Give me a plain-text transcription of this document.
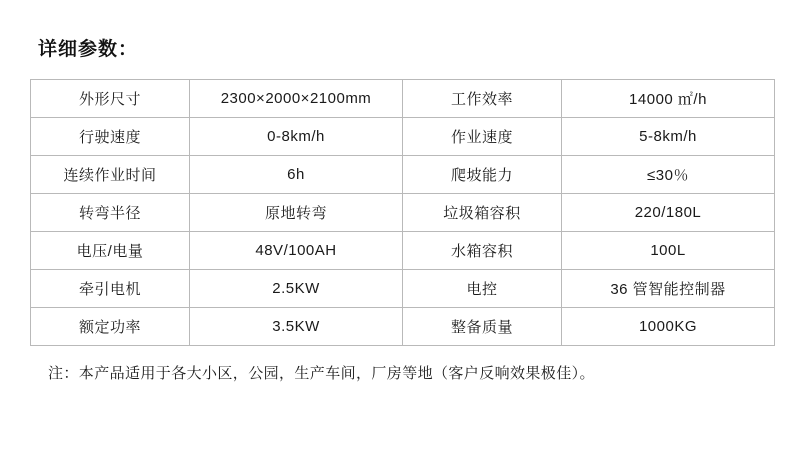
详细参数：
外形尺寸	2300×2000×2100mm	工作效率	14000 ㎡/h
行驶速度	0-8km/h	作业速度	5-8km/h
连续作业时间	6h	爬坡能力	≤30％
转弯半径	原地转弯	垃圾箱容积	220/180L
电压/电量	48V/100AH	水箱容积	100L
牵引电机	2.5KW	电控	36 管智能控制器
额定功率	3.5KW	整备质量	1000KG
注：本产品适用于各大小区，公园，生产车间，厂房等地（客户反响效果极佳）。
